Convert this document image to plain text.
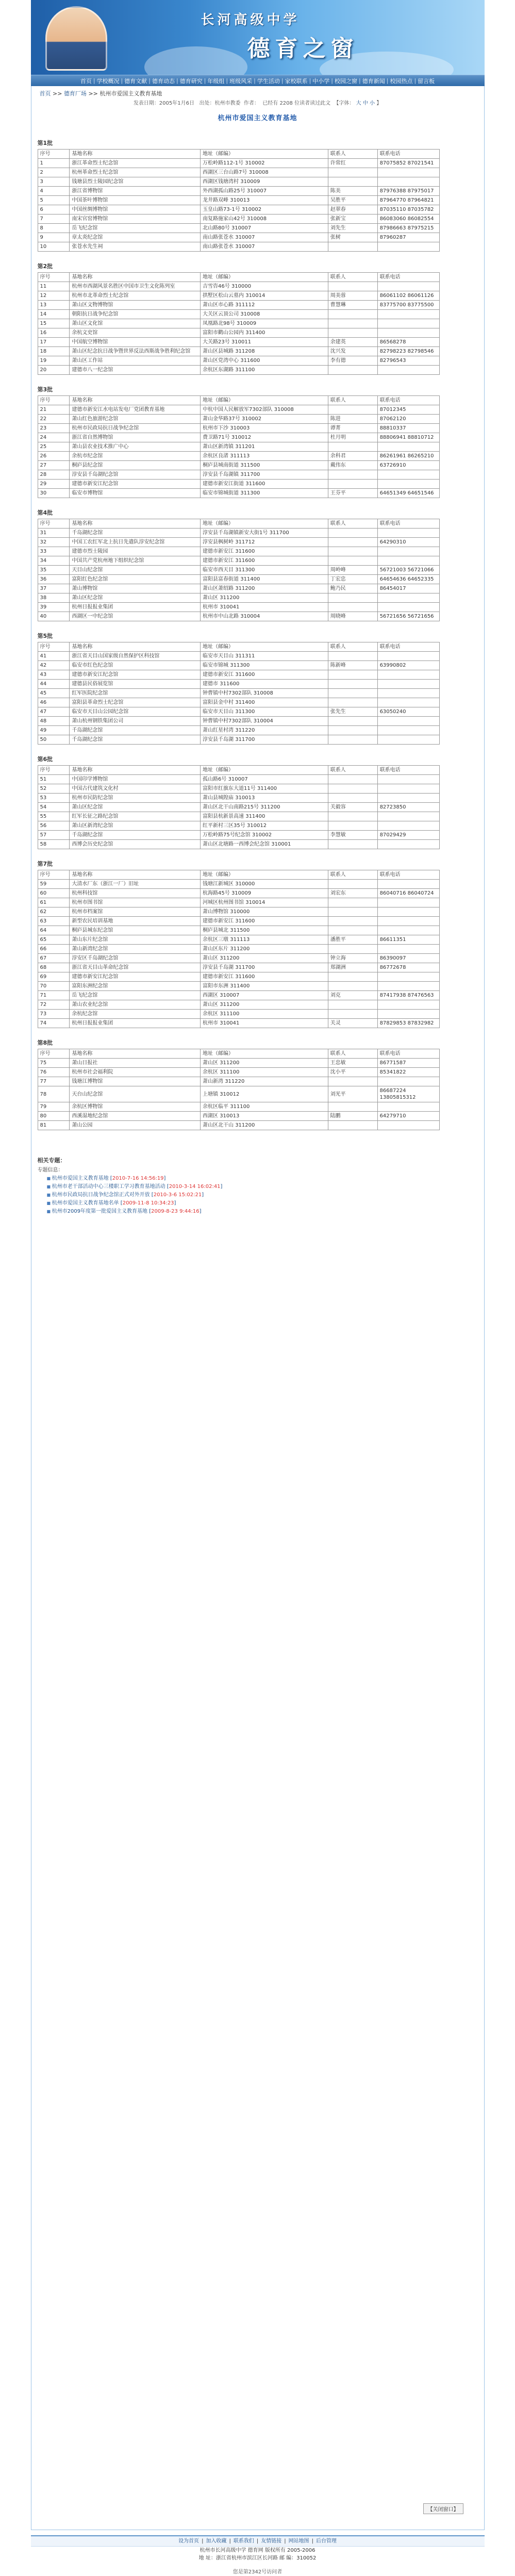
长河高级中学
德育之窗
首页 | 学校概况 | 德育文献 | 德育动态 | 德育研究 | 年级组 | 班级风采 | 学生活动 | 家校联系 | 中小学 | 校园之窗 | 德育新闻 | 校园热点 | 留言板
首页 >> 德育厂场 >> 杭州市爱国主义教育基地
发表日期：2005年1月6日 出处：杭州市教委 作者： 已经有 2208 位读者读过此文 【字体： 大 中 小 】
杭州市爱国主义教育基地
第1批
序号	基地名称	地址（邮编）	联系人	联系电话
1	浙江革命烈士纪念馆	万松岭路112-1号 310002	许常红	87075852 87021541
2	杭州革命烈士纪念馆	西湖区三台山路7号 310008		
3	钱塘县烈士陵园纪念馆	西湖区钱塘湾村 310009		
4	浙江省博物馆	外西湖孤山路25号 310007	陈美	87976388 87975017
5	中国茶叶博物馆	龙井路双峰 310013	吴胜平	87964770 87964821
6	中国丝绸博物馆	玉皇山路73-1号 310002	赵翠春	87035110 87035782
7	南宋官窑博物馆	南复路施家山42号 310008	张新宝	86083060 86082554
8	岳飞纪念馆	北山路80号 310007	刘先生	87986663 87975215
9	章太炎纪念馆	南山路张苍水 310007	张树	87960287
10	张苍水先生祠	南山路张苍水 310007		
第2批
序号	基地名称	地址（邮编）	联系人	联系电话
11	杭州市西湖风景名胜区中国市卫生文化陈列室	吉雪咨46号 310000		
12	杭州市北革命烈士纪念馆	拱墅区松山云墓内 310014	周美蓉	86061102 86061126
13	萧山区文物博物馆	萧山区市心路 311112	曹慧琳	83775700 83775500
14	朝阳抗日战争纪念馆	大关区云顶公司 310008		
15	萧山区文化馆	凤凰路北98号 310009		
16	余杭文史馆	富阳市鹳山公园内 311400		
17	中国航空博物馆	大关路23号 310011	余建英	86568278
18	萧山区纪念抗日战争暨世界反法西斯战争胜利纪念馆	萧山区县城路 311208	沈兴发	82798223 82798546
19	萧山区工作站	萧山区党湾中心 311600	李有德	82796543
20	建德市八一纪念馆	余杭区东湖路 311100		
第3批
序号	基地名称	地址（邮编）	联系人	联系电话
21	建德市新安江水电站发电厂党团教育基地	中杭中国人民解放军7302部队 310008		87012345
22	萧山红色旅游纪念馆	萧山金华路37号 310002	陈进	87062120
23	杭州市民政局抗日战争纪念馆	杭州市下沙 310003	谭菁	88810337
24	浙江省自然博物馆	费卫路71号 310012	杜月明	88806941 88810712
25	萧山县农业技术推广中心	萧山区新湾镇 311201		
26	余杭市纪念馆	余杭区良渚 311113	余科君	86261961 86265210
27	桐庐县纪念馆	桐庐县城南街道 311500	戴伟东	63726910
28	淳安县千岛湖纪念馆	淳安县千岛湖镇 311700		
29	建德市新安江纪念馆	建德市新安江街道 311600		
30	临安市博物馆	临安市锦城街道 311300	王芬平	64651349 64651546
第4批
序号	基地名称	地址（邮编）	联系人	联系电话
31	千岛湖纪念馆	淳安县千岛湖镇新安大街1号 311700		
32	中国工农红军北上抗日先遣队淳安纪念馆	淳安县枫树岭 311712		64290310
33	建德市烈士陵园	建德市新安江 311600		
34	中国共产党杭州地下组织纪念馆	建德市新安江 311600		
35	天目山纪念馆	临安市西天目 311300	周岭峰	56721003 56721066
36	富阳红色纪念馆	富阳县富春街道 311400	丁宏忠	64654636 64652335
37	萧山博物馆	萧山区萧绍路 311200	鲍乃民	86454017
38	萧山区纪念馆	萧山区 311200		
39	杭州日报报业集团	杭州市 310041		
40	西湖区一中纪念馆	杭州市中山北路 310004	周晓峰	56721656 56721656
第5批
序号	基地名称	地址（邮编）	联系人	联系电话
41	浙江省天目山国家级自然保护区科技馆	临安市天目山 311311		
42	临安市红色纪念馆	临安市锦城 311300	陈新峰	63990802
43	建德市新安江纪念馆	建德市新安江 311600		
44	建德县民俗展览馆	建德市 311600		
45	红军医院纪念馆	钟曹镇中村7302部队 310008		
46	富阳县革命烈士纪念馆	富阳县金中村 311400		
47	临安市天目山公园纪念馆	临安市天目山 311300	张先生	63050240
48	萧山杭州钢铁集团公司	钟曹镇中村7302部队 310004		
49	千岛湖纪念馆	萧山红星村湾 311220		
50	千岛湖纪念馆	淳安县千岛湖 311700		
第6批
序号	基地名称	地址（邮编）	联系人	联系电话
51	中国印学博物馆	孤山路6号 310007		
52	中国古代建筑文化村	富阳市红旗东大道11号 311400		
53	杭州市民防纪念馆	萧山县城隍庙 310013		
54	萧山区纪念馆	萧山区北干山南路215号 311200	关毅容	82723850
55	红军长征之路纪念馆	富阳县杭新景高速 311400		
56	萧山区新湾纪念馆	红平新村三区35号 310012		
57	千岛湖纪念馆	万松岭路75号纪念馆 310002	李慧敏	87029429
58	西博会历史纪念馆	萧山区北塘路一西博会纪念馆 310001		
第7批
序号	基地名称	地址（邮编）	联系人	联系电话
59	大清水厂东（浙江一厂）旧址	钱塘江新城区 310000		
60	杭州科技馆	杭海路45号 310009	刘宏东	86040716 86040724
61	杭州市图书馆	河城区杭州图书馆 310014		
62	杭州市档案馆	萧山博物馆 310000		
63	新型农民培训基地	建德市新安江 311600		
64	桐庐县城东纪念馆	桐庐县城北 311500		
65	萧山东片纪念馆	余杭区三墩 311113	潘胜平	86611351
66	萧山新湾纪念馆	萧山区东片 311200		
67	淳安区千岛湖纪念馆	萧山区 311200	钟立海	86390097
68	浙江省天目山革命纪念馆	淳安县千岛湖 311700	郑湖洲	86772678
69	建德市新安江纪念馆	建德市新安江 311600		
70	富阳东洲纪念馆	富阳市东洲 311400		
71	岳飞纪念馆	西湖区 310007	刘克	87417938 87476563
72	萧山农业纪念馆	萧山区 311200		
73	余杭纪念馆	余杭区 311100		
74	杭州日报报业集团	杭州市 310041	关灵	87829853 87832982
第8批
序号	基地名称	地址（邮编）	联系人	联系电话
75	萧山日报社	萧山区 311200	王忠敏	86771587
76	杭州市社会福利院	余杭区 311100	沈小平	85341822
77	钱塘江博物馆	萧山新湾 311220		
78	天台山纪念馆	上塘镇 310012	刘光平	86687224 13805815312
79	余杭区博物馆	余杭区临平 311100		
80	西溪湿地纪念馆	西湖区 310013	陆鹏	64279710
81	萧山公园	萧山区北干山 311200		
相关专题：
专题信息：
■ 杭州市爱国主义教育基地 [2010-7-16 14:56:19]
■ 杭州市老干部活动中心三楼职工学习教育基地活动 [2010-3-14 16:02:41]
■ 杭州市民政局抗日战争纪念馆正式对外开放 [2010-3-6 15:02:21]
■ 杭州市爱国主义教育基地名单 [2009-11-8 10:34:23]
■ 杭州市2009年度第一批爱国主义教育基地 [2009-8-23 9:44:16]
【关闭窗口】
设为首页 | 加入收藏 | 联系我们 | 友情链接 | 网站地图 | 后台管理
杭州市长河高级中学 德育网 版权所有 2005-2006
地 址：浙江省杭州市滨江区长河路 邮 编：310052
您是第2342号访问者
